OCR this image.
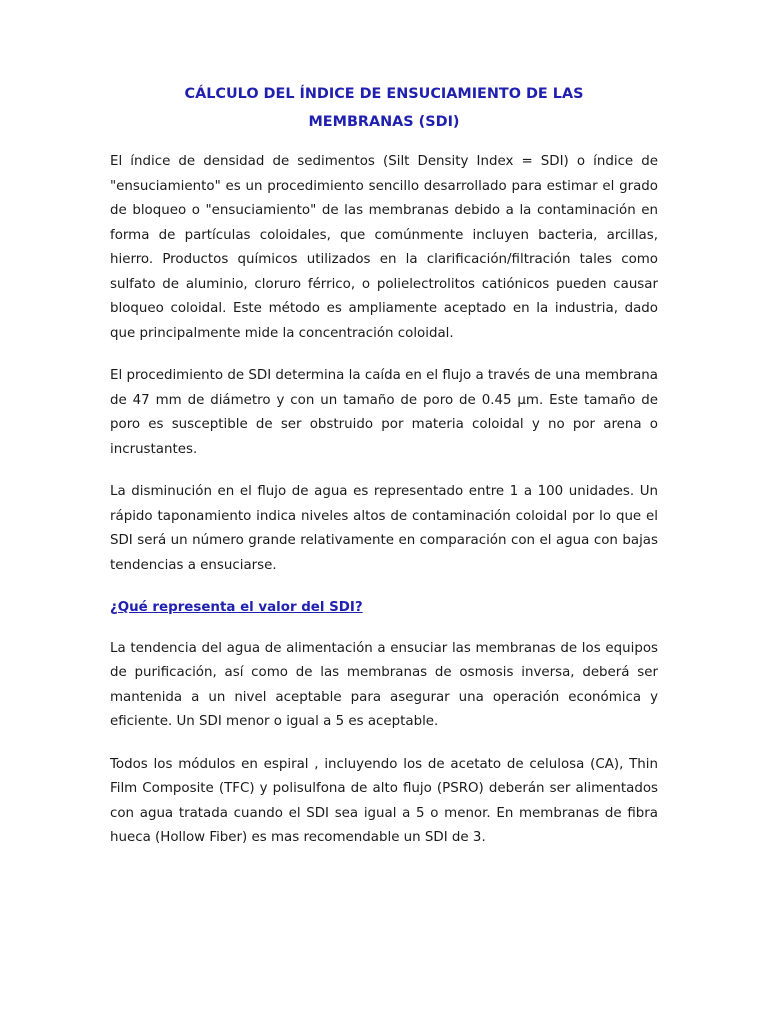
CÁLCULO DEL ÍNDICE DE ENSUCIAMIENTO DE LAS
MEMBRANAS (SDI)

El índice de densidad de sedimentos (Silt Density Index = SDI) o índice de "ensuciamiento" es un procedimiento sencillo desarrollado para estimar el grado de bloqueo o "ensuciamiento" de las membranas debido a la contaminación en forma de partículas coloidales, que comúnmente incluyen bacteria, arcillas, hierro. Productos químicos utilizados en la clarificación/filtración tales como sulfato de aluminio, cloruro férrico, o polielectrolitos catiónicos pueden causar bloqueo coloidal. Este método es ampliamente aceptado en la industria, dado que principalmente mide la concentración coloidal.

El procedimiento de SDI determina la caída en el flujo a través de una membrana de 47 mm de diámetro y con un tamaño de poro de 0.45 µm. Este tamaño de poro es susceptible de ser obstruido por materia coloidal y no por arena o incrustantes.

La disminución en el flujo de agua es representado entre 1 a 100 unidades. Un rápido taponamiento indica niveles altos de contaminación coloidal por lo que el SDI será un número grande relativamente en comparación con el agua con bajas tendencias a ensuciarse.

¿Qué representa el valor del SDI?

La tendencia del agua de alimentación a ensuciar las membranas de los equipos de purificación, así como de las membranas de osmosis inversa, deberá ser mantenida a un nivel aceptable para asegurar una operación económica y eficiente. Un SDI menor o igual a 5 es aceptable.

Todos los módulos en espiral , incluyendo los de acetato de celulosa (CA), Thin Film Composite (TFC) y polisulfona de alto flujo (PSRO) deberán ser alimentados con agua tratada cuando el SDI sea igual a 5 o menor. En membranas de fibra hueca (Hollow Fiber) es mas recomendable un SDI de 3.
